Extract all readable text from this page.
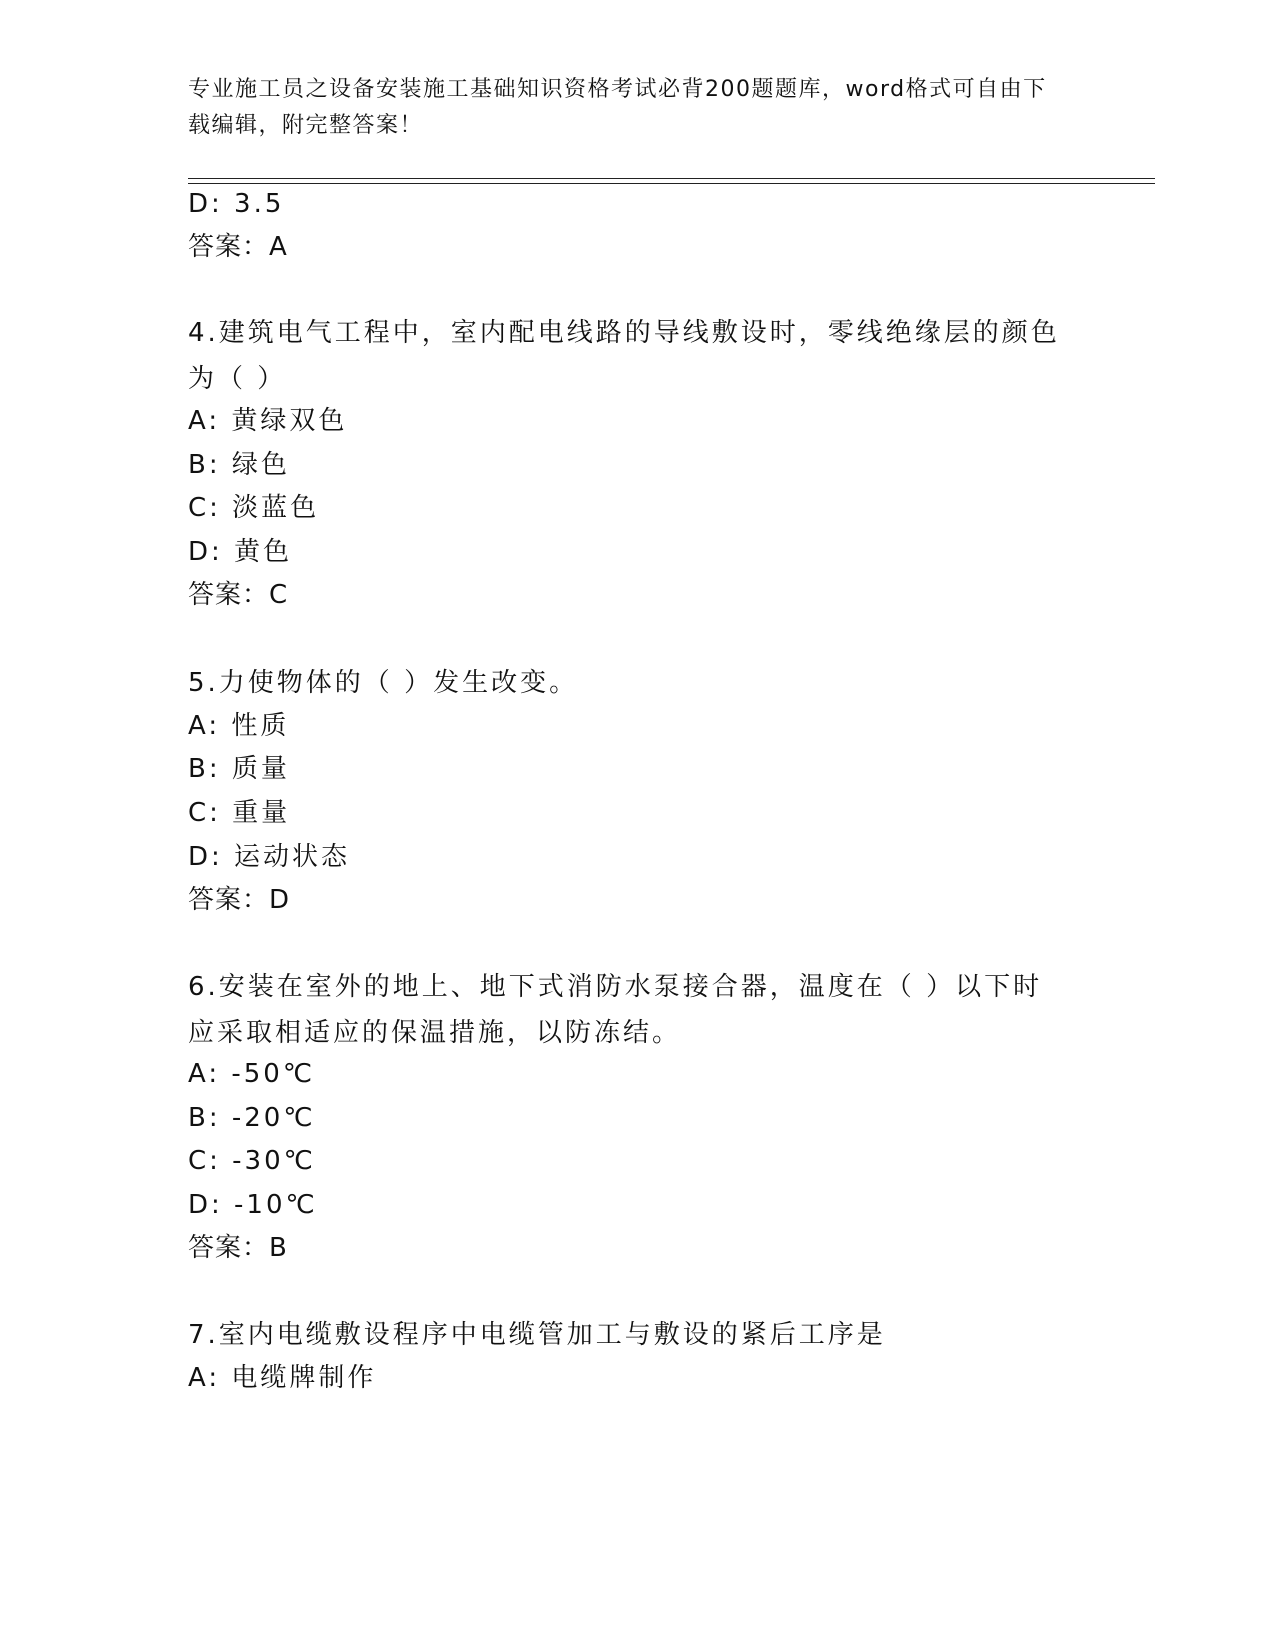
专业施工员之设备安装施工基础知识资格考试必背200题题库，word格式可自由下载编辑，附完整答案！
D: 3.5
答案：A
4.建筑电气工程中，室内配电线路的导线敷设时，零线绝缘层的颜色为（ ）
A: 黄绿双色
B: 绿色
C: 淡蓝色
D: 黄色
答案：C
5.力使物体的（ ）发生改变。
A: 性质
B: 质量
C: 重量
D: 运动状态
答案：D
6.安装在室外的地上、地下式消防水泵接合器，温度在（ ）以下时应采取相适应的保温措施，以防冻结。
A: -50℃
B: -20℃
C: -30℃
D: -10℃
答案：B
7.室内电缆敷设程序中电缆管加工与敷设的紧后工序是
A: 电缆牌制作
